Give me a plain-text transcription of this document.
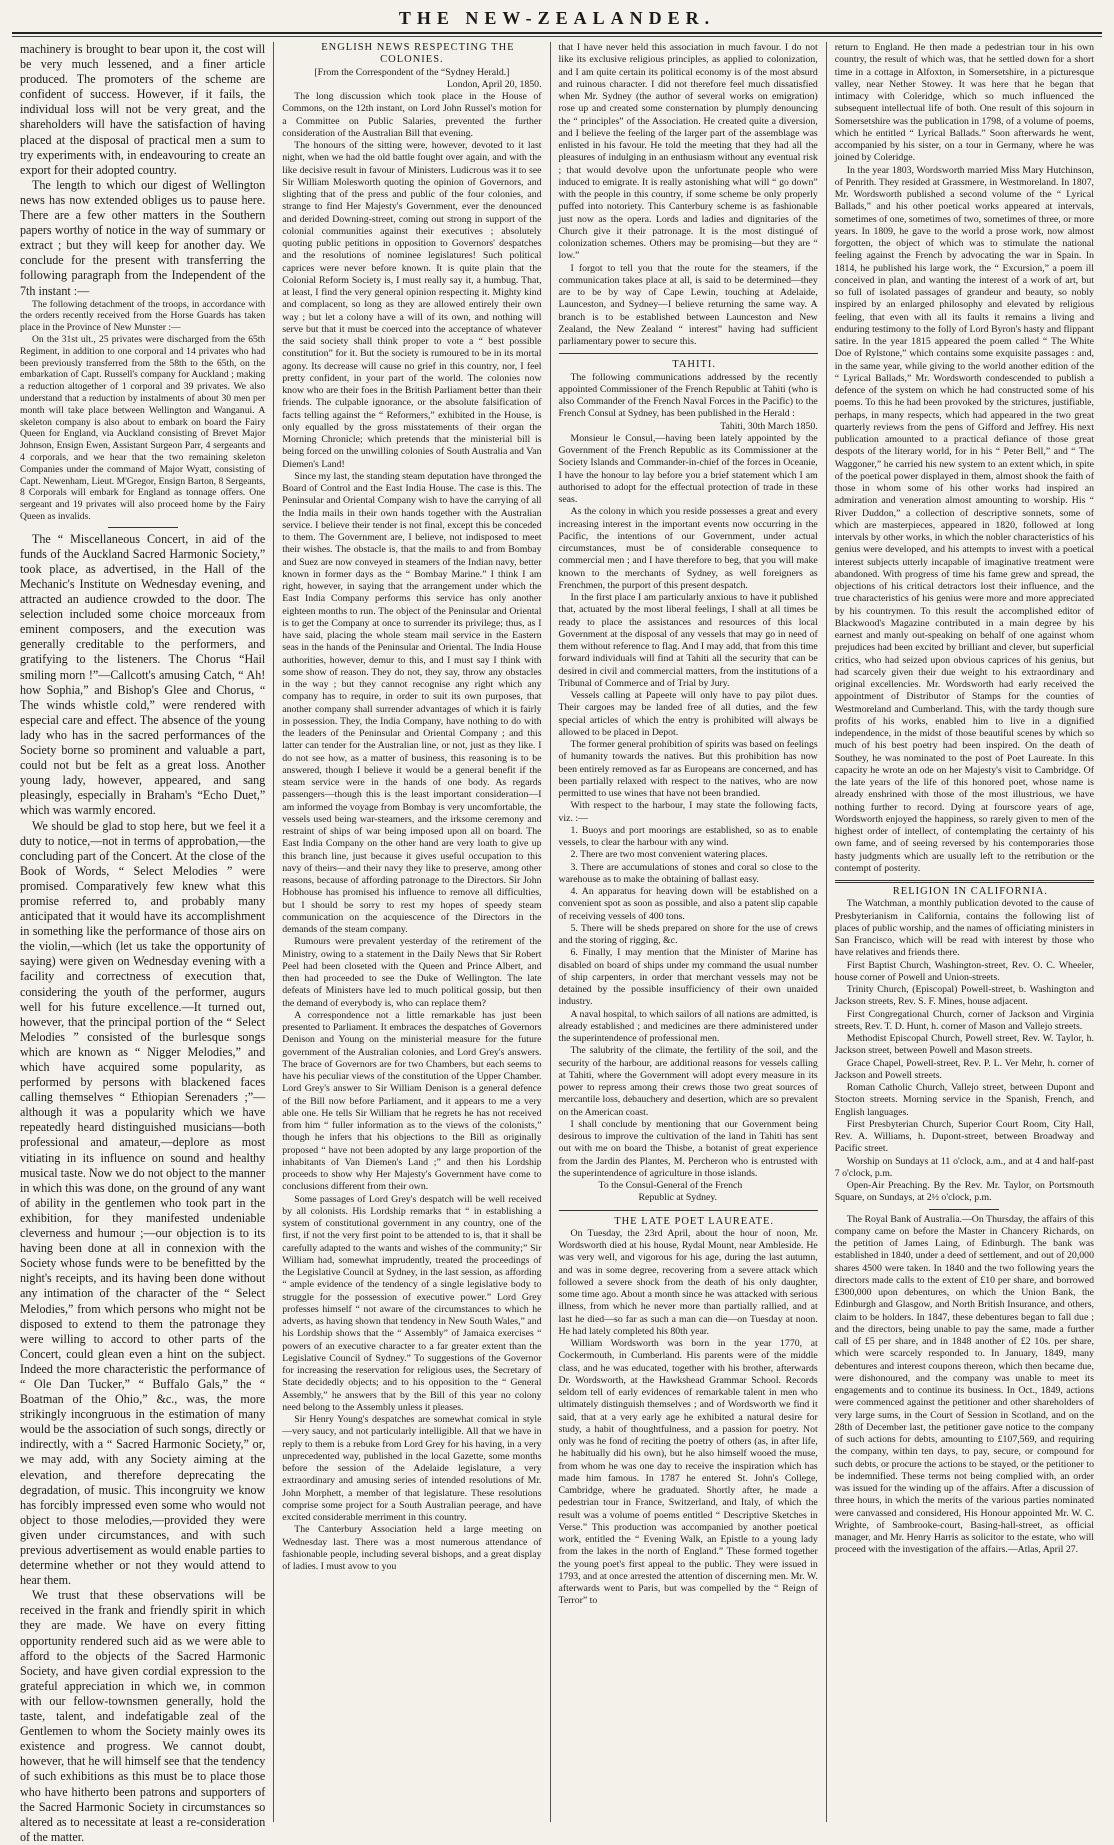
THE NEW-ZEALANDER.

machinery is brought to bear upon it, the cost will be very much lessened, and a finer article produced. The promoters of the scheme are confident of success. However, if it fails, the individual loss will not be very great, and the shareholders will have the satisfaction of having placed at the disposal of practical men a sum to try experiments with, in endeavouring to create an export for their adopted country.

The length to which our digest of Wellington news has now extended obliges us to pause here. There are a few other matters in the Southern papers worthy of notice in the way of summary or extract ; but they will keep for another day. We conclude for the present with transferring the following paragraph from the Independent of the 7th instant :—

The following detachment of the troops, in accordance with the orders recently received from the Horse Guards has taken place in the Province of New Munster :—

On the 31st ult., 25 privates were discharged from the 65th Regiment, in addition to one corporal and 14 privates who had been previously transferred from the 58th to the 65th, on the embarkation of Capt. Russell's company for Auckland ; making a reduction altogether of 1 corporal and 39 privates. We also understand that a reduction by instalments of about 30 men per month will take place between Wellington and Wanganui. A skeleton company is also about to embark on board the Fairy Queen for England, via Auckland consisting of Brevet Major Johnson, Ensign Ewen, Assistant Surgeon Parr, 4 sergeants and 4 corporals, and we hear that the two remaining skeleton Companies under the command of Major Wyatt, consisting of Capt. Newenham, Lieut. M'Gregor, Ensign Barton, 8 Sergeants, 8 Corporals will embark for England as tonnage offers. One sergeant and 19 privates will also proceed home by the Fairy Queen as invalids.

The “ Miscellaneous Concert, in aid of the funds of the Auckland Sacred Harmonic Society,” took place, as advertised, in the Hall of the Mechanic's Institute on Wednesday evening, and attracted an audience crowded to the door. The selection included some choice morceaux from eminent composers, and the execution was generally creditable to the performers, and gratifying to the listeners. The Chorus “Hail smiling morn !”—Callcott's amusing Catch, “ Ah! how Sophia,” and Bishop's Glee and Chorus, “ The winds whistle cold,” were rendered with especial care and effect. The absence of the young lady who has in the sacred performances of the Society borne so prominent and valuable a part, could not but be felt as a great loss. Another young lady, however, appeared, and sang pleasingly, especially in Braham's “Echo Duet,” which was warmly encored.

We should be glad to stop here, but we feel it a duty to notice,—not in terms of approbation,—the concluding part of the Concert. At the close of the Book of Words, “ Select Melodies ” were promised. Comparatively few knew what this promise referred to, and probably many anticipated that it would have its accomplishment in something like the performance of those airs on the violin,—which (let us take the opportunity of saying) were given on Wednesday evening with a facility and correctness of execution that, considering the youth of the performer, augurs well for his future excellence.—It turned out, however, that the principal portion of the “ Select Melodies ” consisted of the burlesque songs which are known as “ Nigger Melodies,” and which have acquired some popularity, as performed by persons with blackened faces calling themselves “ Ethiopian Serenaders ;”—although it was a popularity which we have repeatedly heard distinguished musicians—both professional and amateur,—deplore as most vitiating in its influence on sound and healthy musical taste. Now we do not object to the manner in which this was done, on the ground of any want of ability in the gentlemen who took part in the exhibition, for they manifested undeniable cleverness and humour ;—our objection is to its having been done at all in connexion with the Society whose funds were to be benefitted by the night's receipts, and its having been done without any intimation of the character of the “ Select Melodies,” from which persons who might not be disposed to extend to them the patronage they were willing to accord to other parts of the Concert, could glean even a hint on the subject. Indeed the more characteristic the performance of “ Ole Dan Tucker,” “ Buffalo Gals,” the “ Boatman of the Ohio,” &c., was, the more strikingly incongruous in the estimation of many would be the association of such songs, directly or indirectly, with a “ Sacred Harmonic Society,” or, we may add, with any Society aiming at the elevation, and therefore deprecating the degradation, of music. This incongruity we know has forcibly impressed even some who would not object to those melodies,—provided they were given under circumstances, and with such previous advertisement as would enable parties to determine whether or not they would attend to hear them.

We trust that these observations will be received in the frank and friendly spirit in which they are made. We have on every fitting opportunity rendered such aid as we were able to afford to the objects of the Sacred Harmonic Society, and have given cordial expression to the grateful appreciation in which we, in common with our fellow-townsmen generally, hold the taste, talent, and indefatigable zeal of the Gentlemen to whom the Society mainly owes its existence and progress. We cannot doubt, however, that he will himself see that the tendency of such exhibitions as this must be to place those who have hitherto been patrons and supporters of the Sacred Harmonic Society in circumstances so altered as to necessitate at least a re-consideration of the matter.

ENGLISH NEWS RESPECTING THE COLONIES.

[From the Correspondent of the “Sydney Herald.]

London, April 20, 1850.

The long discussion which took place in the House of Commons, on the 12th instant, on Lord John Russel's motion for a Committee on Public Salaries, prevented the further consideration of the Australian Bill that evening.

The honours of the sitting were, however, devoted to it last night, when we had the old battle fought over again, and with the like decisive result in favour of Ministers. Ludicrous was it to see Sir William Molesworth quoting the opinion of Governors, and slighting that of the press and public of the four colonies, and strange to find Her Majesty's Government, ever the denounced and derided Downing-street, coming out strong in support of the colonial communities against their executives ; absolutely quoting public petitions in opposition to Governors' despatches and the resolutions of nominee legislatures! Such political caprices were never before known. It is quite plain that the Colonial Reform Society is, I must really say it, a humbug. That, at least, I find the very general opinion respecting it. Mighty kind and complacent, so long as they are allowed entirely their own way ; but let a colony have a will of its own, and nothing will serve but that it must be coerced into the acceptance of whatever the said society shall think proper to vote a “ best possible constitution” for it. But the society is rumoured to be in its mortal agony. Its decrease will cause no grief in this country, nor, I feel pretty confident, in your part of the world. The colonies now know who are their foes in the British Parliament better than their friends. The culpable ignorance, or the absolute falsification of facts telling against the “ Reformers,” exhibited in the House, is only equalled by the gross misstatements of their organ the Morning Chronicle; which pretends that the ministerial bill is being forced on the unwilling colonies of South Australia and Van Diemen's Land!

Since my last, the standing steam deputation have thronged the Board of Control and the East India House. The case is this. The Peninsular and Oriental Company wish to have the carrying of all the India mails in their own hands together with the Australian service. I believe their tender is not final, except this be conceded to them. The Government are, I believe, not indisposed to meet their wishes. The obstacle is, that the mails to and from Bombay and Suez are now conveyed in steamers of the Indian navy, better known in former days as the “ Bombay Marine.” I think I am right, however, in saying that the arrangement under which the East India Company performs this service has only another eighteen months to run. The object of the Peninsular and Oriental is to get the Company at once to surrender its privilege; thus, as I have said, placing the whole steam mail service in the Eastern seas in the hands of the Peninsular and Oriental. The India House authorities, however, demur to this, and I must say I think with some show of reason. They do not, they say, throw any obstacles in the way ; but they cannot recognise any right which any company has to require, in order to suit its own purposes, that another company shall surrender advantages of which it is fairly in possession. They, the India Company, have nothing to do with the leaders of the Peninsular and Oriental Company ; and this latter can tender for the Australian line, or not, just as they like. I do not see how, as a matter of business, this reasoning is to be answered, though I believe it would be a general benefit if the steam service were in the hands of one body. As regards passengers—though this is the least important consideration—I am informed the voyage from Bombay is very uncomfortable, the vessels used being war-steamers, and the irksome ceremony and restraint of ships of war being imposed upon all on board. The East India Company on the other hand are very loath to give up this branch line, just because it gives useful occupation to this navy of theirs—and their navy they like to preserve, among other reasons, because of affording patronage to the Directors. Sir John Hobhouse has promised his influence to remove all difficulties, but I should be sorry to rest my hopes of speedy steam communication on the acquiescence of the Directors in the demands of the steam company.

Rumours were prevalent yesterday of the retirement of the Ministry, owing to a statement in the Daily News that Sir Robert Peel had been closeted with the Queen and Prince Albert, and then had proceeded to see the Duke of Wellington. The late defeats of Ministers have led to much political gossip, but then the demand of everybody is, who can replace them?

A correspondence not a little remarkable has just been presented to Parliament. It embraces the despatches of Governors Denison and Young on the ministerial measure for the future government of the Australian colonies, and Lord Grey's answers. The brace of Governors are for two Chambers, but each seems to have his peculiar views of the constitution of the Upper Chamber. Lord Grey's answer to Sir William Denison is a general defence of the Bill now before Parliament, and it appears to me a very able one. He tells Sir William that he regrets he has not received from him “ fuller information as to the views of the colonists,” though he infers that his objections to the Bill as originally proposed “ have not been adopted by any large proportion of the inhabitants of Van Diemen's Land ;” and then his Lordship proceeds to show why Her Majesty's Government have come to conclusions different from their own.

Some passages of Lord Grey's despatch will be well received by all colonists. His Lordship remarks that “ in establishing a system of constitutional government in any country, one of the first, if not the very first point to be attended to is, that it shall be carefully adapted to the wants and wishes of the community;” Sir William had, somewhat imprudently, treated the proceedings of the Legislative Council at Sydney, in the last session, as affording “ ample evidence of the tendency of a single legislative body to struggle for the possession of executive power.” Lord Grey professes himself “ not aware of the circumstances to which he adverts, as having shown that tendency in New South Wales,” and his Lordship shows that the “ Assembly” of Jamaica exercises “ powers of an executive character to a far greater extent than the Legislative Council of Sydney.” To suggestions of the Governor for increasing the reservation for religious uses, the Secretary of State decidedly objects; and to his opposition to the “ General Assembly,” he answers that by the Bill of this year no colony need belong to the Assembly unless it pleases.

Sir Henry Young's despatches are somewhat comical in style—very saucy, and not particularly intelligible. All that we have in reply to them is a rebuke from Lord Grey for his having, in a very unprecedented way, published in the local Gazette, some months before the session of the Adelaide legislature, a very extraordinary and amusing series of intended resolutions of Mr. John Morphett, a member of that legislature. These resolutions comprise some project for a South Australian peerage, and have excited considerable merriment in this country.

The Canterbury Association held a large meeting on Wednesday last. There was a most numerous attendance of fashionable people, including several bishops, and a great display of ladies. I must avow to you

that I have never held this association in much favour. I do not like its exclusive religious principles, as applied to colonization, and I am quite certain its political economy is of the most absurd and ruinous character. I did not therefore feel much dissatisfied when Mr. Sydney (the author of several works on emigration) rose up and created some consternation by plumply denouncing the “ principles” of the Association. He created quite a diversion, and I believe the feeling of the larger part of the assemblage was enlisted in his favour. He told the meeting that they had all the pleasures of indulging in an enthusiasm without any eventual risk ; that would devolve upon the unfortunate people who were induced to emigrate. It is really astonishing what will “ go down” with the people in this country, if some scheme be only properly puffed into notoriety. This Canterbury scheme is as fashionable just now as the opera. Lords and ladies and dignitaries of the Church give it their patronage. It is the most distingué of colonization schemes. Others may be promising—but they are “ low.”

I forgot to tell you that the route for the steamers, if the communication takes place at all, is said to be determined—they are to be by way of Cape Lewin, touching at Adelaide, Launceston, and Sydney—I believe returning the same way. A branch is to be established between Launceston and New Zealand, the New Zealand “ interest” having had sufficient parliamentary power to secure this.

TAHITI.

The following communications addressed by the recently appointed Commissioner of the French Republic at Tahiti (who is also Commander of the French Naval Forces in the Pacific) to the French Consul at Sydney, has been published in the Herald :

Tahiti, 30th March 1850.

Monsieur le Consul,—having been lately appointed by the Government of the French Republic as its Commissioner at the Society Islands and Commander-in-chief of the forces in Oceanie, I have the honour to lay before you a brief statement which I am authorised to adopt for the effectual protection of trade in these seas.

As the colony in which you reside possesses a great and every increasing interest in the important events now occurring in the Pacific, the intentions of our Government, under actual circumstances, must be of considerable consequence to commercial men ; and I have therefore to beg, that you will make known to the merchants of Sydney, as well foreigners as Frenchmen, the purport of this present despatch.

In the first place I am particularly anxious to have it published that, actuated by the most liberal feelings, I shall at all times be ready to place the assistances and resources of this local Government at the disposal of any vessels that may go in need of them without reference to flag. And I may add, that from this time forward individuals will find at Tahiti all the security that can be desired in civil and commercial matters, from the institutions of a Tribunal of Commerce and of Trial by Jury.

Vessels calling at Papeete will only have to pay pilot dues. Their cargoes may be landed free of all duties, and the few special articles of which the entry is prohibited will always be allowed to be placed in Depot.

The former general prohibition of spirits was based on feelings of humanity towards the natives. But this prohibition has now been entirely removed as far as Europeans are concerned, and has been partially relaxed with respect to the natives, who are now permitted to use wines that have not been brandied.

With respect to the harbour, I may state the following facts, viz. :—

1. Buoys and port moorings are established, so as to enable vessels, to clear the harbour with any wind.

2. There are two most convenient watering places.

3. There are accumulations of stones and coral so close to the warehouse as to make the obtaining of ballast easy.

4. An apparatus for heaving down will be established on a convenient spot as soon as possible, and also a patent slip capable of receiving vessels of 400 tons.

5. There will be sheds prepared on shore for the use of crews and the storing of rigging, &c.

6. Finally, I may mention that the Minister of Marine has disabled on board of ships under my command the usual number of ship carpenters, in order that merchant vessels may not be detained by the possible insufficiency of their own unaided industry.

A naval hospital, to which sailors of all nations are admitted, is already established ; and medicines are there administered under the superintendence of professional men.

The salubrity of the climate, the fertility of the soil, and the security of the harbour, are additional reasons for vessels calling at Tahiti, where the Government will adopt every measure in its power to repress among their crews those two great sources of mercantile loss, debauchery and desertion, which are so prevalent on the American coast.

I shall conclude by mentioning that our Government being desirous to improve the cultivation of the land in Tahiti has sent out with me on board the Thisbe, a botanist of great experience from the Jardin des Plantes, M. Percheron who is entrusted with the superintendence of agriculture in those islands.

To the Consul-General of the French

Republic at Sydney.

THE LATE POET LAUREATE.

On Tuesday, the 23rd April, about the hour of noon, Mr. Wordsworth died at his house, Rydal Mount, near Ambleside. He was very well, and vigorous for his age, during the last autumn, and was in some degree, recovering from a severe attack which followed a severe shock from the death of his only daughter, some time ago. About a month since he was attacked with serious illness, from which he never more than partially rallied, and at last he died—so far as such a man can die—on Tuesday at noon. He had lately completed his 80th year.

William Wordsworth was born in the year 1770, at Cockermouth, in Cumberland. His parents were of the middle class, and he was educated, together with his brother, afterwards Dr. Wordsworth, at the Hawkshead Grammar School. Records seldom tell of early evidences of remarkable talent in men who ultimately distinguish themselves ; and of Wordsworth we find it said, that at a very early age he exhibited a natural desire for study, a habit of thoughtfulness, and a passion for poetry. Not only was he fond of reciting the poetry of others (as, in after life, he habitually did his own), but he also himself wooed the muse, from whom he was one day to receive the inspiration which has made him famous. In 1787 he entered St. John's College, Cambridge, where he graduated. Shortly after, he made a pedestrian tour in France, Switzerland, and Italy, of which the result was a volume of poems entitled “ Descriptive Sketches in Verse.” This production was accompanied by another poetical work, entitled the “ Evening Walk, an Epistle to a young lady from the lakes in the north of England.” These formed together the young poet's first appeal to the public. They were issued in 1793, and at once arrested the attention of discerning men. Mr. W. afterwards went to Paris, but was compelled by the “ Reign of Terror” to

return to England. He then made a pedestrian tour in his own country, the result of which was, that he settled down for a short time in a cottage in Alfoxton, in Somersetshire, in a picturesque valley, near Nether Stowey. It was here that he began that intimacy with Coleridge, which so much influenced the subsequent intellectual life of both. One result of this sojourn in Somersetshire was the publication in 1798, of a volume of poems, which he entitled “ Lyrical Ballads.” Soon afterwards he went, accompanied by his sister, on a tour in Germany, where he was joined by Coleridge.

In the year 1803, Wordsworth married Miss Mary Hutchinson, of Penrith. They resided at Grassmere, in Westmoreland. In 1807, Mr. Wordsworth published a second volume of the “ Lyrical Ballads,” and his other poetical works appeared at intervals, sometimes of one, sometimes of two, sometimes of three, or more years. In 1809, he gave to the world a prose work, now almost forgotten, the object of which was to stimulate the national feeling against the French by advocating the war in Spain. In 1814, he published his large work, the “ Excursion,” a poem ill conceived in plan, and wanting the interest of a work of art, but so full of isolated passages of grandeur and beauty, so nobly inspired by an enlarged philosophy and elevated by religious feeling, that even with all its faults it remains a living and enduring testimony to the folly of Lord Byron's hasty and flippant satire. In the year 1815 appeared the poem called “ The White Doe of Rylstone,” which contains some exquisite passages : and, in the same year, while giving to the world another edition of the “ Lyrical Ballads,” Mr. Wordsworth condescended to publish a defence of the system on which he had constructed some of his poems. To this he had been provoked by the strictures, justifiable, perhaps, in many respects, which had appeared in the two great quarterly reviews from the pens of Gifford and Jeffrey. His next publication amounted to a practical defiance of those great despots of the literary world, for in his “ Peter Bell,” and “ The Waggoner,” he carried his new system to an extent which, in spite of the poetical power displayed in them, almost shook the faith of those in whom some of his other works had inspired an admiration and veneration almost amounting to worship. His “ River Duddon,” a collection of descriptive sonnets, some of which are masterpieces, appeared in 1820, followed at long intervals by other works, in which the nobler characteristics of his genius were developed, and his attempts to invest with a poetical interest subjects utterly incapable of imaginative treatment were abandoned. With progress of time his fame grew and spread, the objections of his critical detractors lost their influence, and the true characteristics of his genius were more and more appreciated by his countrymen. To this result the accomplished editor of Blackwood's Magazine contributed in a main degree by his earnest and manly out-speaking on behalf of one against whom prejudices had been excited by brilliant and clever, but superficial critics, who had seized upon obvious caprices of his genius, but had scarcely given their due weight to his extraordinary and original excellencies. Mr. Wordsworth had early received the appointment of Distributor of Stamps for the counties of Westmoreland and Cumberland. This, with the tardy though sure profits of his works, enabled him to live in a dignified independence, in the midst of those beautiful scenes by which so much of his best poetry had been inspired. On the death of Southey, he was nominated to the post of Poet Laureate. In this capacity he wrote an ode on her Majesty's visit to Cambridge. Of the late years of the life of this honored poet, whose name is already enshrined with those of the most illustrious, we have nothing further to record. Dying at fourscore years of age, Wordsworth enjoyed the happiness, so rarely given to men of the highest order of intellect, of contemplating the certainty of his own fame, and of seeing reversed by his contemporaries those hasty judgments which are usually left to the retribution or the contempt of posterity.

RELIGION IN CALIFORNIA.

The Watchman, a monthly publication devoted to the cause of Presbyterianism in California, contains the following list of places of public worship, and the names of officiating ministers in San Francisco, which will be read with interest by those who have relatives and friends there.

First Baptist Church, Washington-street, Rev. O. C. Wheeler, house corner of Powell and Union-streets.
Trinity Church, (Episcopal) Powell-street, b. Washington and Jackson streets, Rev. S. F. Mines, house adjacent.
First Congregational Church, corner of Jackson and Virginia streets, Rev. T. D. Hunt, h. corner of Mason and Vallejo streets.
Methodist Episcopal Church, Powell street, Rev. W. Taylor, h. Jackson street, between Powell and Mason streets.
Grace Chapel, Powell-street, Rev. P. L. Ver Mehr, h. corner of Jackson and Powell streets.
Roman Catholic Church, Vallejo street, between Dupont and Stocton streets. Morning service in the Spanish, French, and English languages.
First Presbyterian Church, Superior Court Room, City Hall, Rev. A. Williams, h. Dupont-street, between Broadway and Pacific street.
Worship on Sundays at 11 o'clock, a.m., and at 4 and half-past 7 o'clock, p.m.
Open-Air Preaching. By the Rev. Mr. Taylor, on Portsmouth Square, on Sundays, at 2½ o'clock, p.m.

The Royal Bank of Australia.—On Thursday, the affairs of this company came on before the Master in Chancery Richards, on the petition of James Laing, of Edinburgh. The bank was established in 1840, under a deed of settlement, and out of 20,000 shares 4500 were taken. In 1840 and the two following years the directors made calls to the extent of £10 per share, and borrowed £300,000 upon debentures, on which the Union Bank, the Edinburgh and Glasgow, and North British Insurance, and others, claim to be holders. In 1847, these debentures began to fall due ; and the directors, being unable to pay the same, made a further call of £5 per share, and in 1848 another of £2 10s. per share, which were scarcely responded to. In January, 1849, many debentures and interest coupons thereon, which then became due, were dishonoured, and the company was unable to meet its engagements and to continue its business. In Oct., 1849, actions were commenced against the petitioner and other shareholders of very large sums, in the Court of Session in Scotland, and on the 28th of December last, the petitioner gave notice to the company of such actions for debts, amounting to £107,569, and requiring the company, within ten days, to pay, secure, or compound for such debts, or procure the actions to be stayed, or the petitioner to be indemnified. These terms not being complied with, an order was issued for the winding up of the affairs. After a discussion of three hours, in which the merits of the various parties nominated were canvassed and considered, His Honour appointed Mr. W. C. Wrighte, of Sambrooke-court, Basing-hall-street, as official manager, and Mr. Henry Harris as solicitor to the estate, who will proceed with the investigation of the affairs.—Atlas, April 27.
